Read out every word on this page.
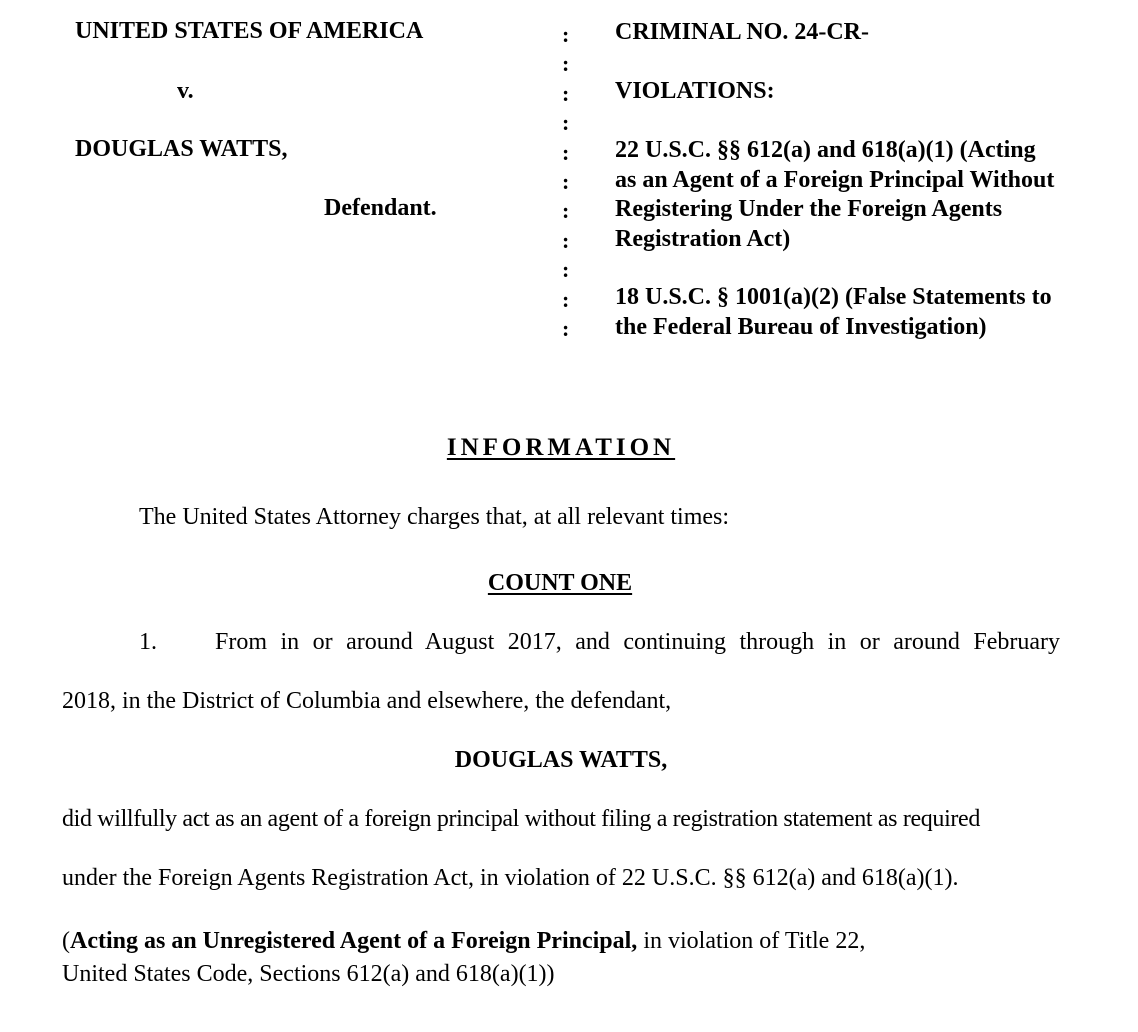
UNITED STATES OF AMERICA
v.
DOUGLAS WATTS,
Defendant.
:
:
:
:
:
:
:
:
:
:
:
CRIMINAL NO. 24-CR-
VIOLATIONS:
22 U.S.C. §§ 612(a) and 618(a)(1) (Acting
as an Agent of a Foreign Principal Without
Registering Under the Foreign Agents
Registration Act)
18 U.S.C. § 1001(a)(2) (False Statements to
the Federal Bureau of Investigation)
INFORMATION
The United States Attorney charges that, at all relevant times:
COUNT ONE
1. From in or around August 2017, and continuing through in or around February
2018, in the District of Columbia and elsewhere, the defendant,
DOUGLAS WATTS,
did willfully act as an agent of a foreign principal without filing a registration statement as required
under the Foreign Agents Registration Act, in violation of 22 U.S.C. §§ 612(a) and 618(a)(1).
(Acting as an Unregistered Agent of a Foreign Principal, in violation of Title 22,
United States Code, Sections 612(a) and 618(a)(1))
